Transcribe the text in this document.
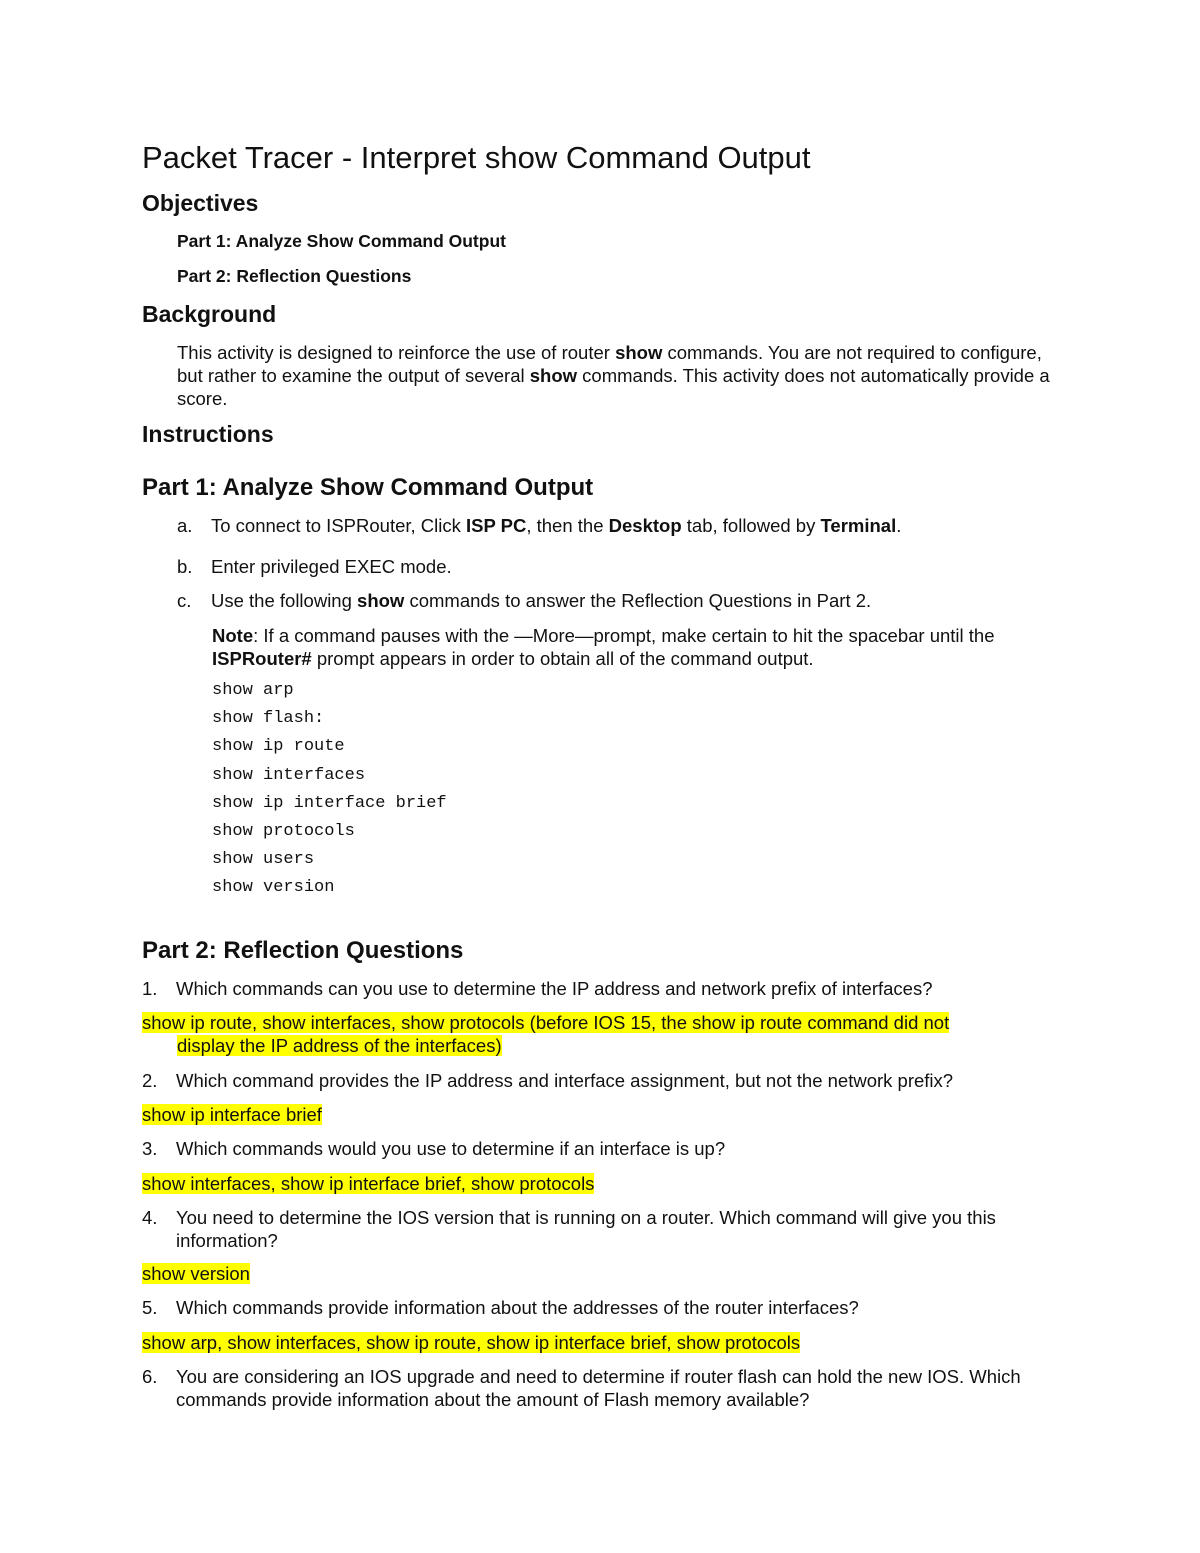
Packet Tracer - Interpret show Command Output
Objectives
Part 1: Analyze Show Command Output
Part 2: Reflection Questions
Background

This activity is designed to reinforce the use of router show commands. You are not required to configure, but rather to examine the output of several show commands. This activity does not automatically provide a score.

Instructions
Part 1: Analyze Show Command Output
a. To connect to ISPRouter, Click ISP PC, then the Desktop tab, followed by Terminal.
b. Enter privileged EXEC mode.
c. Use the following show commands to answer the Reflection Questions in Part 2.

Note: If a command pauses with the —More—prompt, make certain to hit the spacebar until the ISPRouter# prompt appears in order to obtain all of the command output.

show arp
show flash:
show ip route
show interfaces
show ip interface brief
show protocols
show users
show version
Part 2: Reflection Questions
1.	Which commands can you use to determine the IP address and network prefix of interfaces?
show ip route, show interfaces, show protocols (before IOS 15, the show ip route command did not
display the IP address of the interfaces)
2.	Which command provides the IP address and interface assignment, but not the network prefix?
show ip interface brief
3.	Which commands would you use to determine if an interface is up?
show interfaces, show ip interface brief, show protocols
4.	You need to determine the IOS version that is running on a router. Which command will give you this information?
show version
5.	Which commands provide information about the addresses of the router interfaces?
show arp, show interfaces, show ip route, show ip interface brief, show protocols
6.	You are considering an IOS upgrade and need to determine if router flash can hold the new IOS. Which commands provide information about the amount of Flash memory available?
